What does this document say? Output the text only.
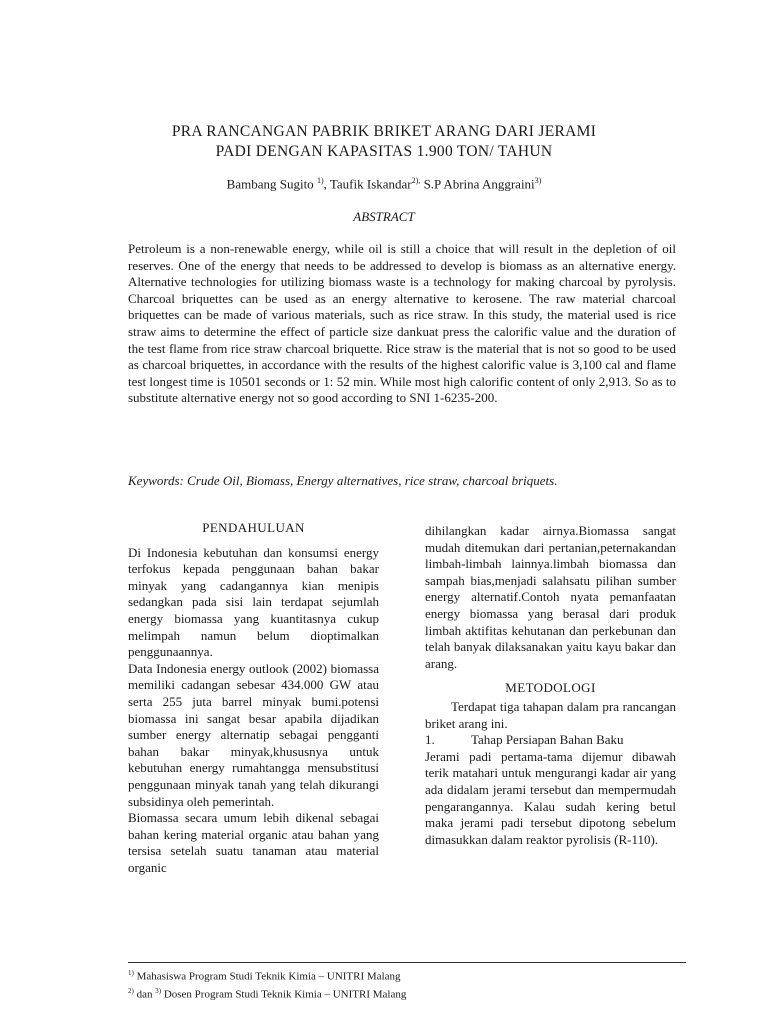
PRA RANCANGAN PABRIK BRIKET ARANG DARI JERAMI
PADI DENGAN KAPASITAS 1.900 TON/ TAHUN
Bambang Sugito $^{1)}$, Taufik Iskandar$^{2),}$ S.P Abrina Anggraini$^{3)}$
ABSTRACT

Petroleum is a non-renewable energy, while oil is still a choice that will result in the depletion of oil reserves. One of the energy that needs to be addressed to develop is biomass as an alternative energy. Alternative technologies for utilizing biomass waste is a technology for making charcoal by pyrolysis. Charcoal briquettes can be used as an energy alternative to kerosene. The raw material charcoal briquettes can be made of various materials, such as rice straw. In this study, the material used is rice straw aims to determine the effect of particle size dankuat press the calorific value and the duration of the test flame from rice straw charcoal briquette. Rice straw is the material that is not so good to be used as charcoal briquettes, in accordance with the results of the highest calorific value is 3,100 cal and flame test longest time is 10501 seconds or 1: 52 min. While most high calorific content of only 2,913. So as to substitute alternative energy not so good according to SNI 1-6235-200.

Keywords: Crude Oil, Biomass, Energy alternatives, rice straw, charcoal briquets.
PENDAHULUAN

Di Indonesia kebutuhan dan konsumsi energy terfokus kepada penggunaan bahan bakar minyak yang cadangannya kian menipis sedangkan pada sisi lain terdapat sejumlah energy biomassa yang kuantitasnya cukup melimpah namun belum dioptimalkan penggunaannya.

Data Indonesia energy outlook (2002) biomassa memiliki cadangan sebesar 434.000 GW atau serta 255 juta barrel minyak bumi.potensi biomassa ini sangat besar apabila dijadikan sumber energy alternatip sebagai pengganti bahan bakar minyak,khususnya untuk kebutuhan energy rumahtangga mensubstitusi penggunaan minyak tanah yang telah dikurangi subsidinya oleh pemerintah.

Biomassa secara umum lebih dikenal sebagai bahan kering material organic atau bahan yang tersisa setelah suatu tanaman atau material organic

dihilangkan kadar airnya.Biomassa sangat mudah ditemukan dari pertanian,peternakandan limbah-limbah lainnya.limbah biomassa dan sampah bias,menjadi salahsatu pilihan sumber energy alternatif.Contoh nyata pemanfaatan energy biomassa yang berasal dari produk limbah aktifitas kehutanan dan perkebunan dan telah banyak dilaksanakan yaitu kayu bakar dan arang.

METODOLOGI

Terdapat tiga tahapan dalam pra rancangan briket arang ini.

1.	Tahap Persiapan Bahan Baku

Jerami padi pertama-tama dijemur dibawah terik matahari untuk mengurangi kadar air yang ada didalam jerami tersebut dan mempermudah pengarangannya. Kalau sudah kering betul maka jerami padi tersebut dipotong sebelum dimasukkan dalam reaktor pyrolisis (R-110).

$^{1)}$ Mahasiswa Program Studi Teknik Kimia – UNITRI Malang
$^{2)}$ dan $^{3)}$ Dosen Program Studi Teknik Kimia – UNITRI Malang
